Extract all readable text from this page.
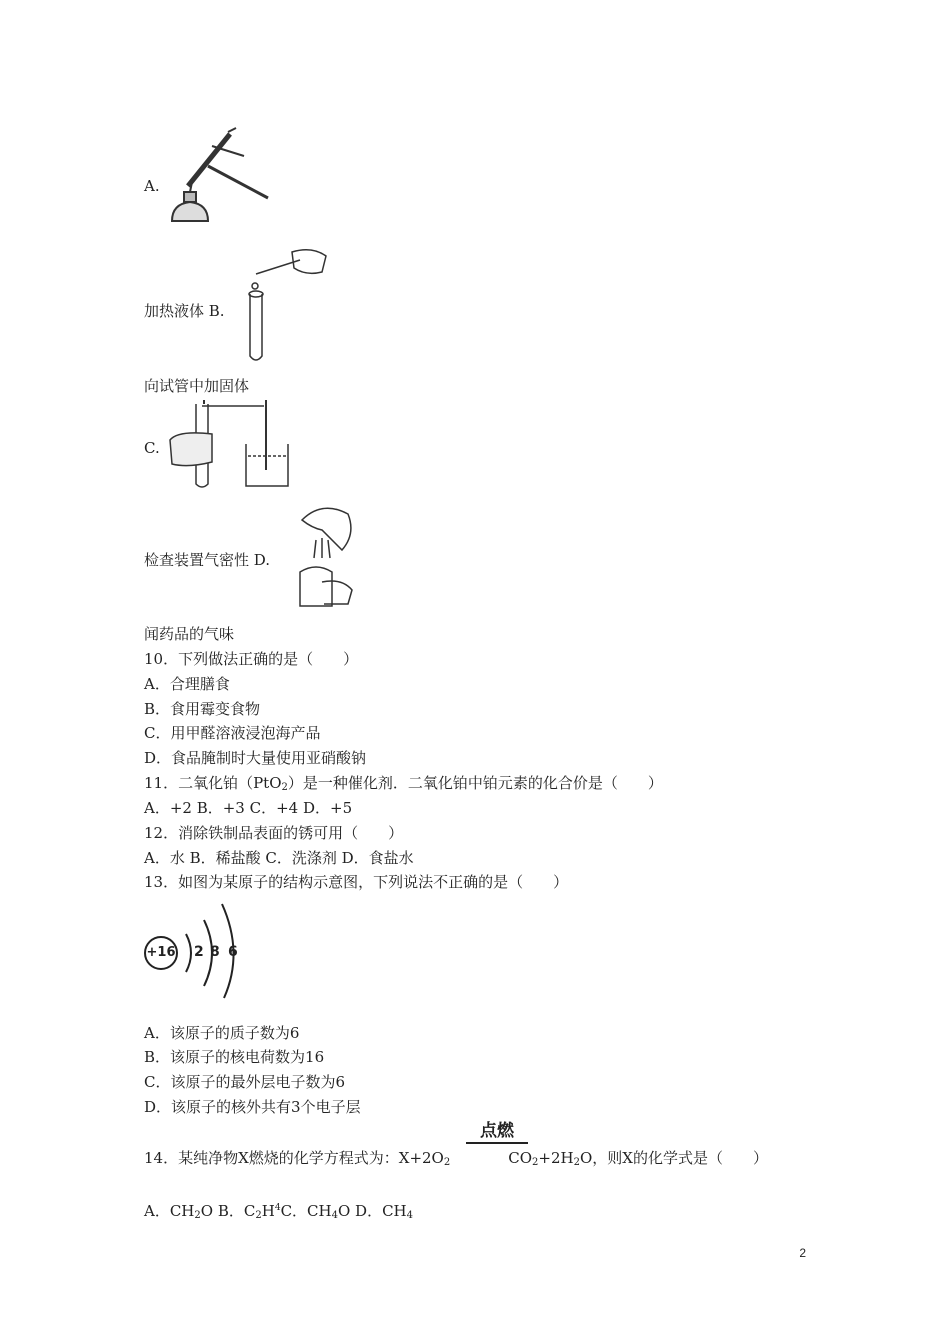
A.
加热液体 B.
向试管中加固体
C.
检查装置气密性 D.
闻药品的气味
10．下列做法正确的是（　　）
A．合理膳食
B．食用霉变食物
C．用甲醛溶液浸泡海产品
D．食品腌制时大量使用亚硝酸钠
11．二氧化铂（PtO$_2$）是一种催化剂．二氧化铂中铂元素的化合价是（　　）
A．+2 B．+3 C．+4 D．+5
12．消除铁制品表面的锈可用（　　）
A．水 B．稀盐酸 C．洗涤剂 D．食盐水
13．如图为某原子的结构示意图，下列说法不正确的是（　　）
+16 2 8 6
A．该原子的质子数为6
B．该原子的核电荷数为16
C．该原子的最外层电子数为6
D．该原子的核外共有3个电子层
点燃
14．某纯净物X燃烧的化学方程式为：$X+2O_2$	$CO_2+2H_2O$，则X的化学式是（　　）
A．$CH_2O$ B．$C_2H^4C$．$CH_4O$ D．$CH_4$
2
